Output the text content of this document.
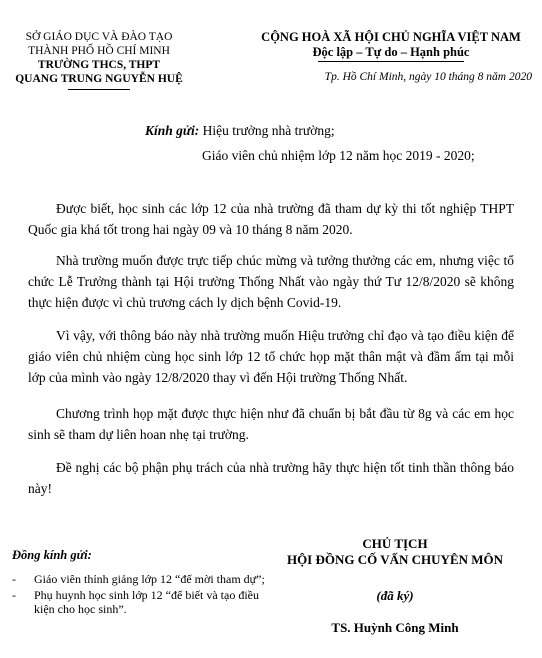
SỞ GIÁO DỤC VÀ ĐÀO TẠO
THÀNH PHỐ HỒ CHÍ MINH
TRƯỜNG THCS, THPT
QUANG TRUNG NGUYỄN HUỆ
CỘNG HOÀ XÃ HỘI CHỦ NGHĨA VIỆT NAM
Độc lập – Tự do – Hạnh phúc
Tp. Hồ Chí Minh, ngày 10 tháng 8 năm 2020
Kính gửi: Hiệu trưởng nhà trường;
Giáo viên chủ nhiệm lớp 12 năm học 2019 - 2020;
Được biết, học sinh các lớp 12 của nhà trường đã tham dự kỳ thi tốt nghiệp THPT Quốc gia khá tốt trong hai ngày 09 và 10 tháng 8 năm 2020.
Nhà trường muốn được trực tiếp chúc mừng và tưởng thưởng các em, nhưng việc tổ chức Lễ Trưởng thành tại Hội trường Thống Nhất vào ngày thứ Tư 12/8/2020 sẽ không thực hiện được vì chủ trương cách ly dịch bệnh Covid-19.
Vì vậy, với thông báo này nhà trường muốn Hiệu trưởng chỉ đạo và tạo điều kiện để giáo viên chủ nhiệm cùng học sinh lớp 12 tổ chức họp mặt thân mật và đầm ấm tại mỗi lớp của mình vào ngày 12/8/2020 thay vì đến Hội trường Thống Nhất.
Chương trình họp mặt được thực hiện như đã chuẩn bị bắt đầu từ 8g và các em học sinh sẽ tham dự liên hoan nhẹ tại trường.
Đề nghị các bộ phận phụ trách của nhà trường hãy thực hiện tốt tinh thần thông báo này!
Đồng kính gửi:
- Giáo viên thỉnh giảng lớp 12 “để mời tham dự”;
- Phụ huynh học sinh lớp 12 “để biết và tạo điều kiện cho học sinh”.
CHỦ TỊCH
HỘI ĐỒNG CỐ VẤN CHUYÊN MÔN
(đã ký)
TS. Huỳnh Công Minh
